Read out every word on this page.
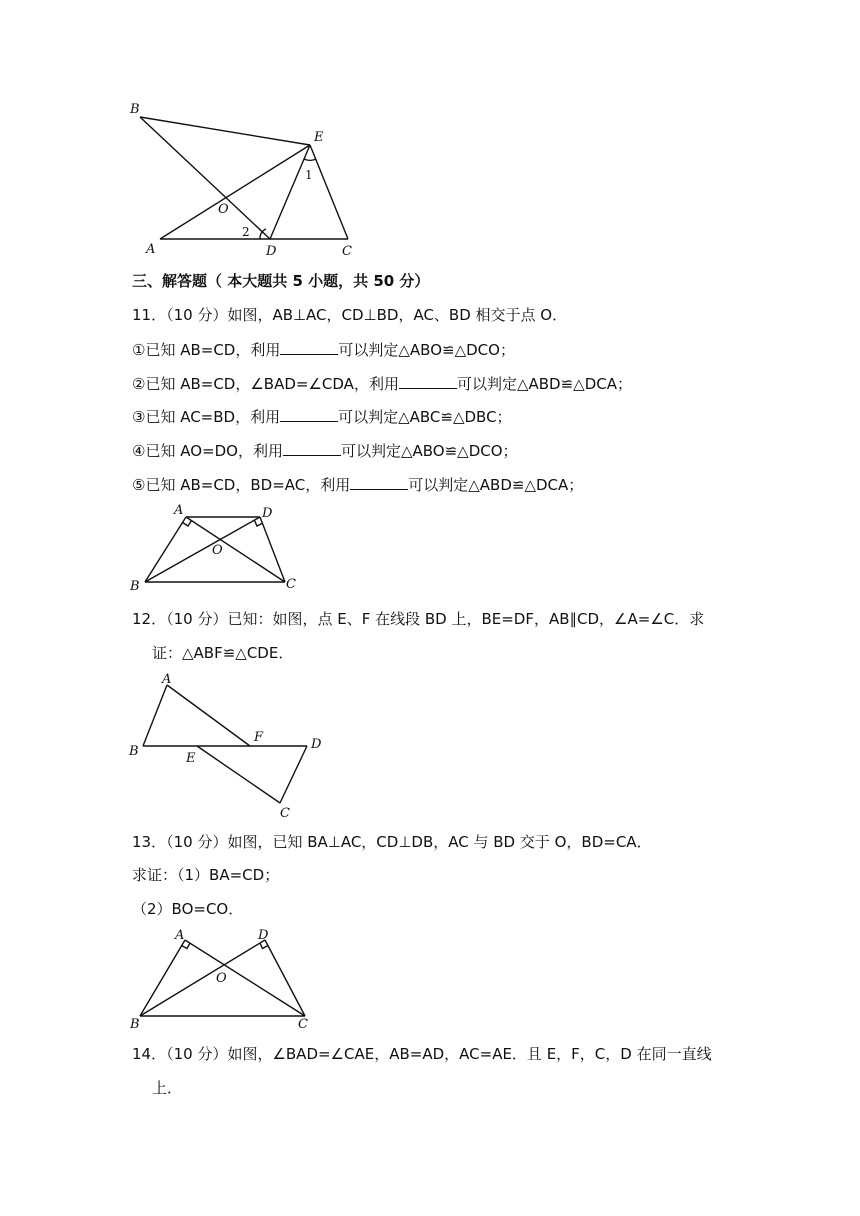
B
E
O
A	D	C
1
2
三、解答题（ 本大题共 5 小题，共 50 分）
11．（10 分）如图，AB⊥AC，CD⊥BD，AC、BD 相交于点 O．
①已知 AB=CD，利用	可以判定△ABO≌△DCO；
②已知 AB=CD，∠BAD=∠CDA，利用	可以判定△ABD≌△DCA；
③已知 AC=BD，利用	可以判定△ABC≌△DBC；
④已知 AO=DO，利用	可以判定△ABO≌△DCO；
⑤已知 AB=CD，BD=AC，利用	可以判定△ABD≌△DCA；
A	D
O
B	C
12．（10 分）已知：如图，点 E、F 在线段 BD 上，BE=DF，AB∥CD，∠A=∠C．求
证：△ABF≌△CDE．
A
B	E
F	D
C
13．（10 分）如图，已知 BA⊥AC，CD⊥DB，AC 与 BD 交于 O，BD=CA．
求证：（1）BA=CD；
（2）BO=CO．
A	D
O
B	C
14．（10 分）如图，∠BAD=∠CAE，AB=AD，AC=AE．且 E，F，C，D 在同一直线
上．
